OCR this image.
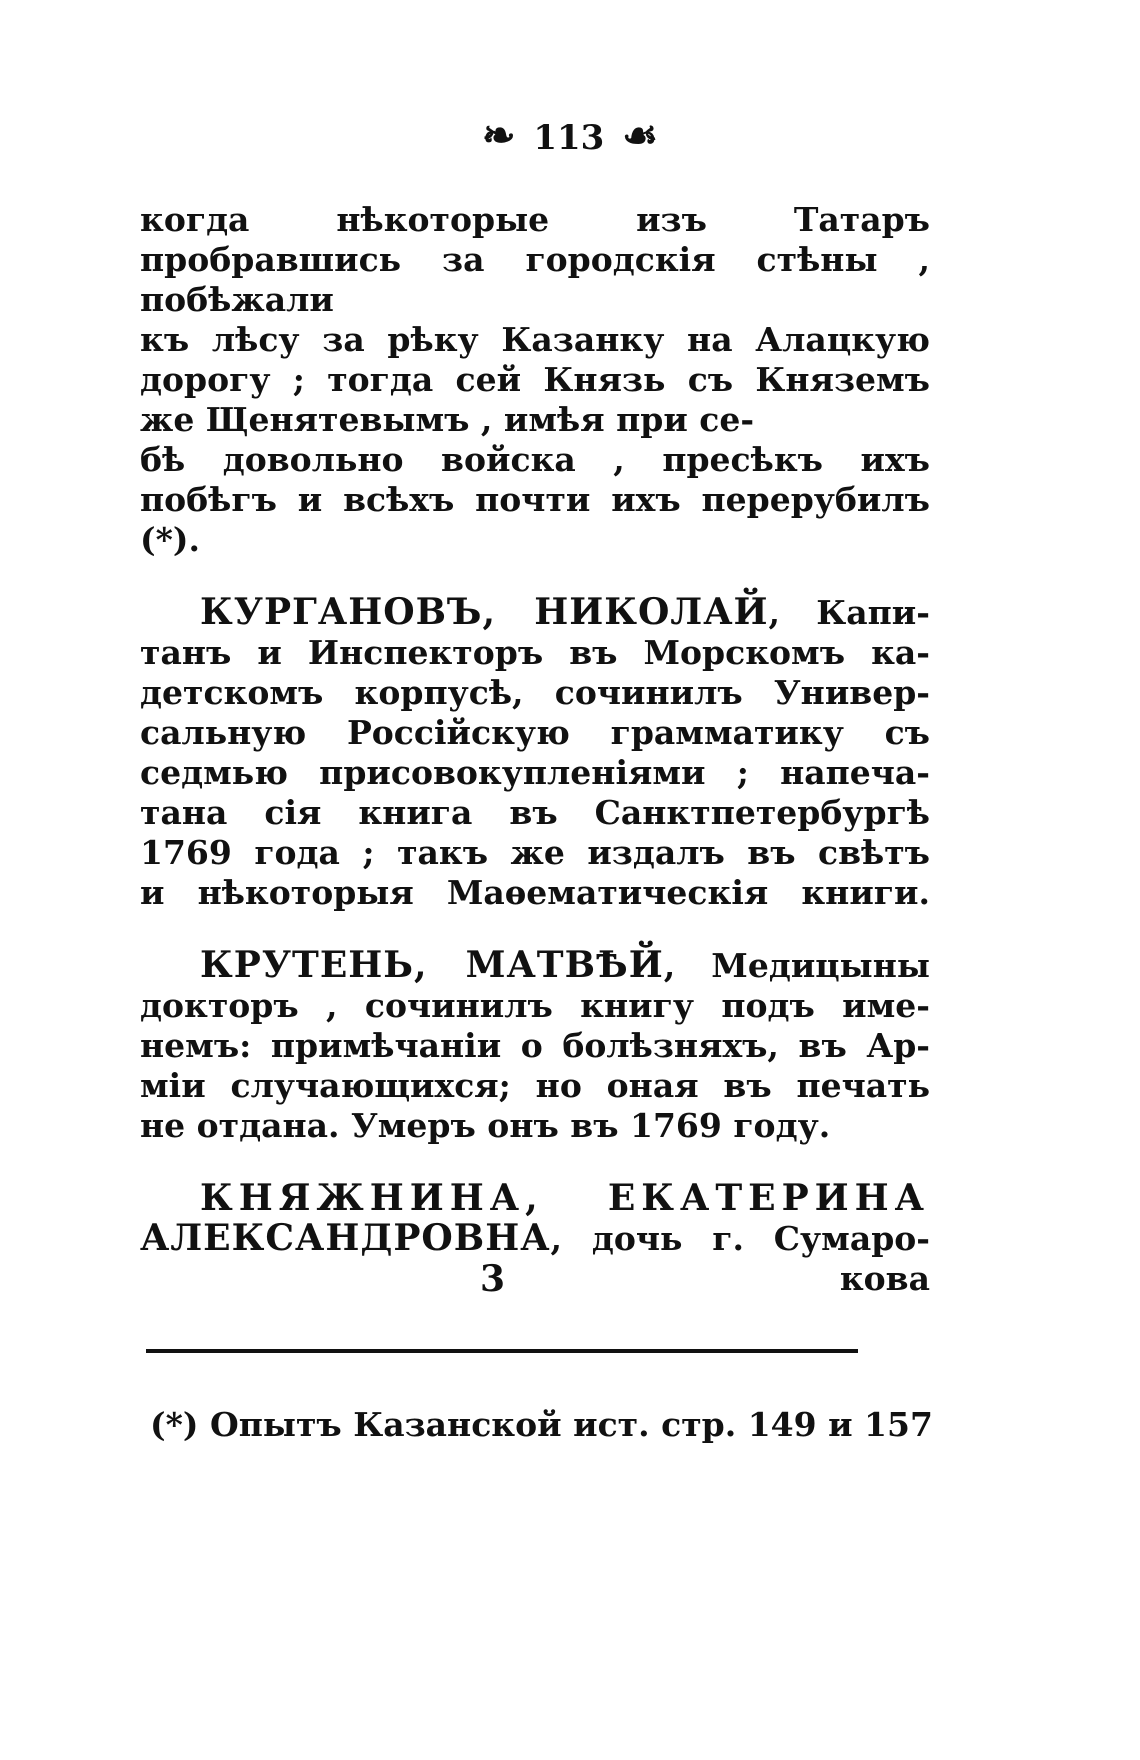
❧ 113 ☙
когда нѣкоторые изъ Татаръ пробравшись за городскiя стѣны , побѣжали
къ лѣсу за рѣку Казанку на Алацкую
дорогу ; тогда сей Князь съ Княземъ же Щенятевымъ , имѣя при се-
бѣ довольно войска , пресѣкъ ихъ побѣгъ и всѣхъ почти ихъ перерубилъ (*).
КУРГАНОВЪ, НИКОЛАЙ, Капи-
танъ и Инспекторъ въ Морскомъ ка-
детскомъ корпусѣ, сочинилъ Универ-
сальную Россiйскую грамматику съ
седмью присовокупленiями ; напеча-
тана сiя книга въ Санктпетербургѣ
1769 года ; такъ же издалъ въ свѣтъ
и нѣкоторыя Маѳематическiя книги.
КРУТЕНЬ, МАТВѢЙ, Медицыны
докторъ , сочинилъ книгу подъ име-
немъ: примѣчанiи о болѣзняхъ, въ Ар-
мiи случающихся; но оная въ печать
не отдана. Умеръ онъ въ 1769 году.
КНЯЖНИНА, ЕКАТЕРИНА
АЛЕКСАНДРОВНА, дочь г. Сумаро-
3	кова
(*) Опытъ Казанской ист. стр. 149 и 157
